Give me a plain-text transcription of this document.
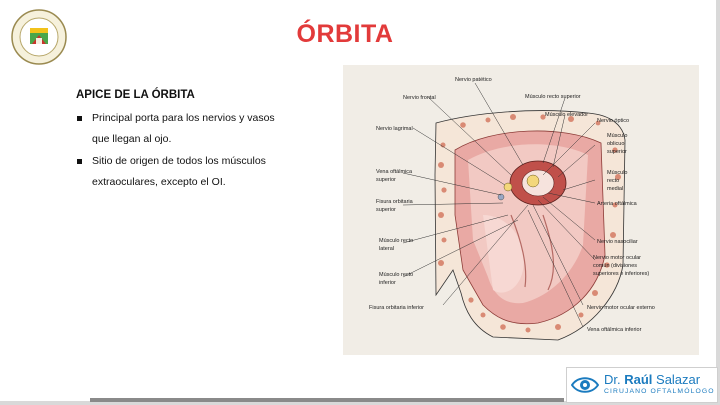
ÓRBITA
APICE DE LA ÓRBITA
Principal porta para los nervios y vasos que llegan al ojo.
Sitio de origen de todos los músculos extraoculares, excepto el OI.
Nervio patético
Nervio frontal	Músculo recto superior
Músculo elevador
Nervio óptico
Nervio lagrimal
Músculo
oblicuo
superior
Vena oftálmica
superior
Músculo
recto
medial
Fisura orbitaria
superior
Arteria oftálmica
Músculo recto
lateral
Nervio nasociliar
Nervio motor ocular
común (divisiones
superiores e inferiores)
Músculo recto
inferior
Fisura orbitaria inferior	Nervio motor ocular externo
Vena oftálmica inferior
Dr. Raúl Salazar
CIRUJANO OFTALMÓLOGO
